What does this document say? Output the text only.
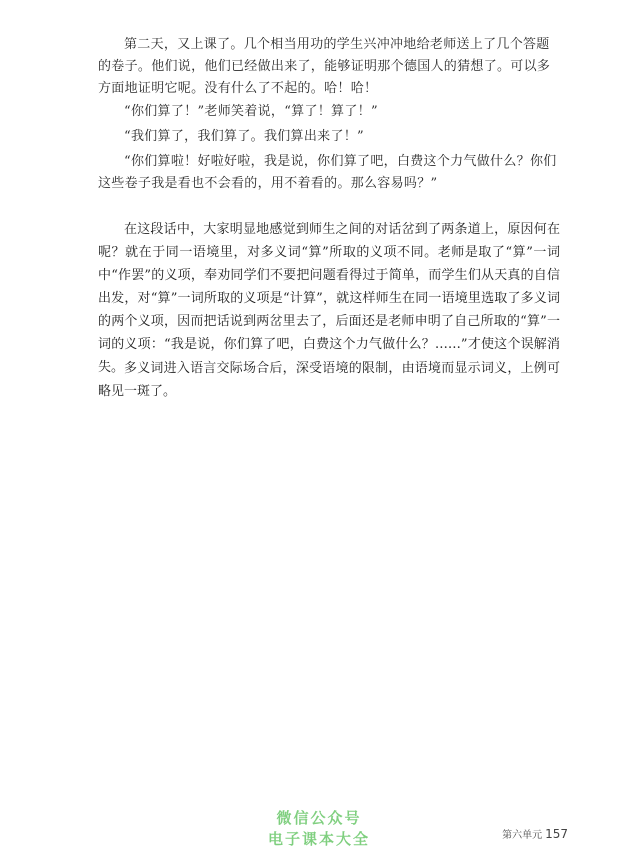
第二天，又上课了。几个相当用功的学生兴冲冲地给老师送上了几个答题的卷子。他们说，他们已经做出来了，能够证明那个德国人的猜想了。可以多方面地证明它呢。没有什么了不起的。哈！哈！

“你们算了！”老师笑着说，“算了！算了！”

“我们算了，我们算了。我们算出来了！”

“你们算啦！好啦好啦，我是说，你们算了吧，白费这个力气做什么？你们这些卷子我是看也不会看的，用不着看的。那么容易吗？”

在这段话中，大家明显地感觉到师生之间的对话岔到了两条道上，原因何在呢？就在于同一语境里，对多义词“算”所取的义项不同。老师是取了“算”一词中“作罢”的义项，奉劝同学们不要把问题看得过于简单，而学生们从天真的自信出发，对“算”一词所取的义项是“计算”，就这样师生在同一语境里选取了多义词的两个义项，因而把话说到两岔里去了，后面还是老师申明了自己所取的“算”一词的义项：“我是说，你们算了吧，白费这个力气做什么？……”才使这个误解消失。 多义词进入语言交际场合后，深受语境的限制，由语境而显示词义，上例可略见一斑了。

微信公众号
电子课本大全	第六单元 157
